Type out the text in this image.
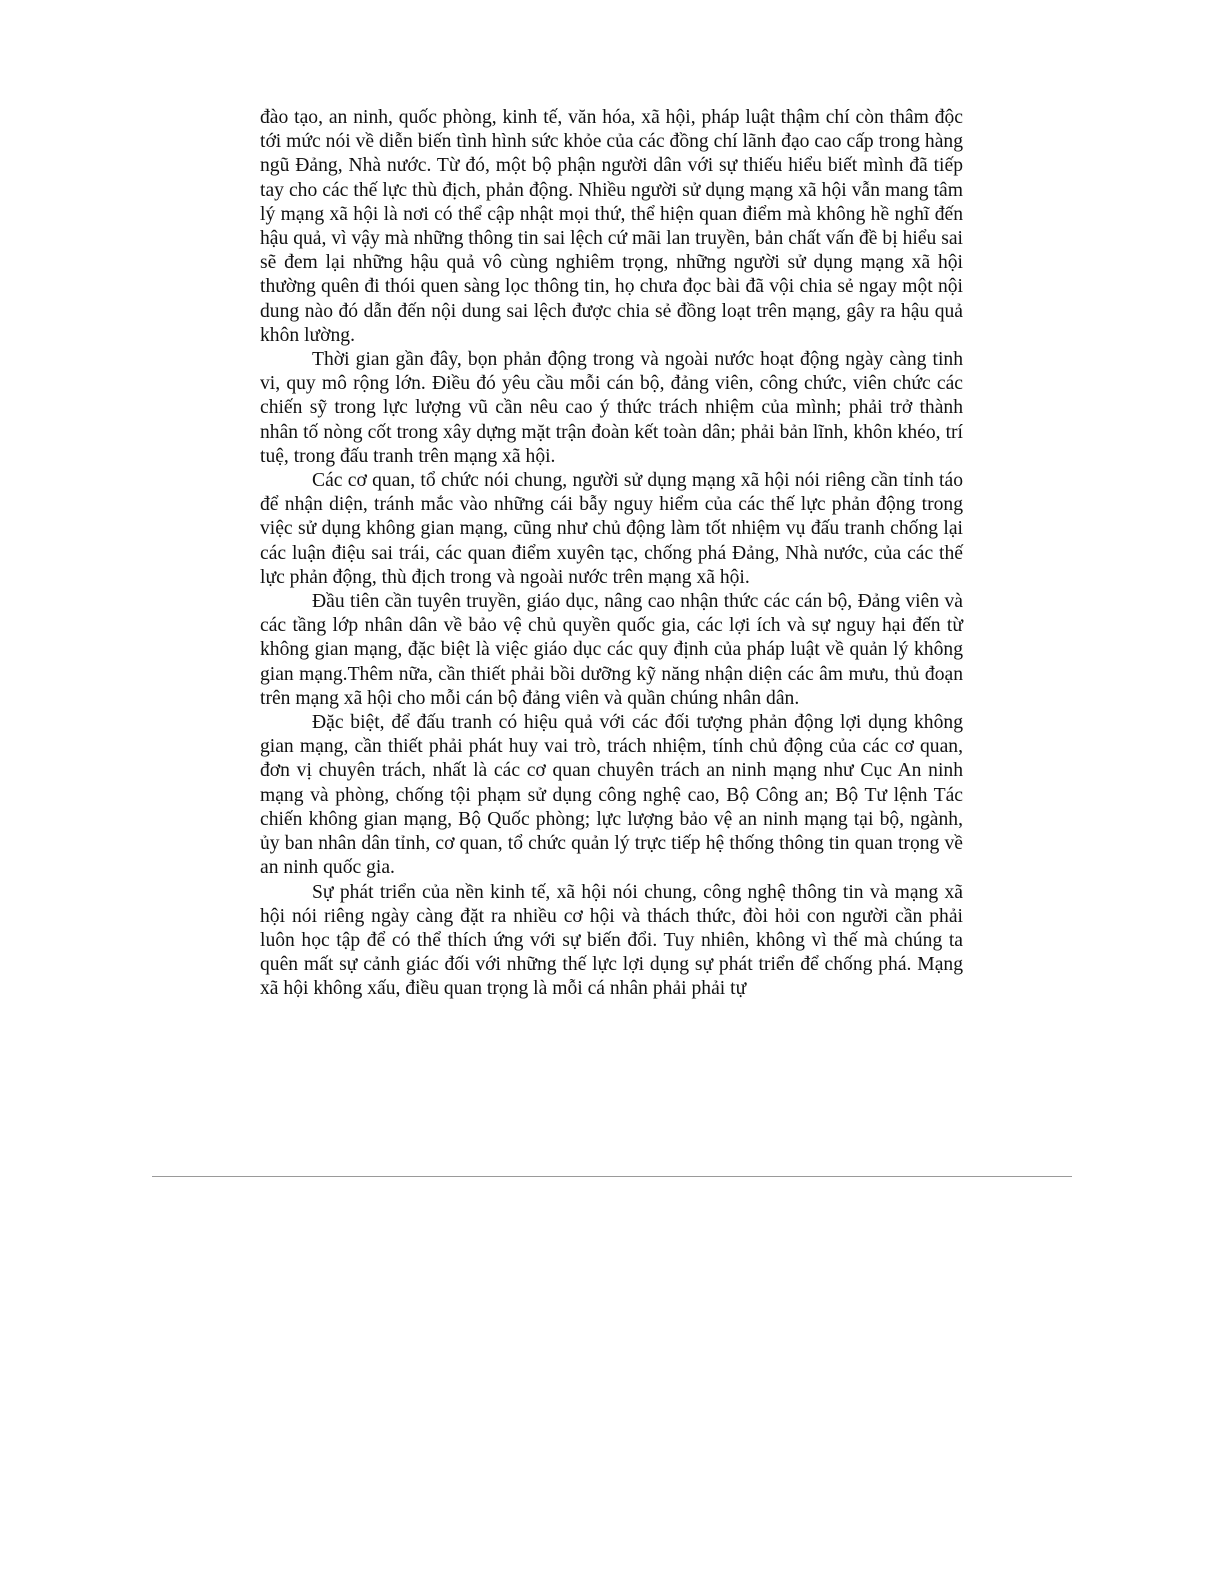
đào tạo, an ninh, quốc phòng, kinh tế, văn hóa, xã hội, pháp luật thậm chí còn thâm độc tới mức nói về diễn biến tình hình sức khỏe của các đồng chí lãnh đạo cao cấp trong hàng ngũ Đảng, Nhà nước. Từ đó, một bộ phận người dân với sự thiếu hiểu biết mình đã tiếp tay cho các thế lực thù địch, phản động. Nhiều người sử dụng mạng xã hội vẫn mang tâm lý mạng xã hội là nơi có thể cập nhật mọi thứ, thể hiện quan điểm mà không hề nghĩ đến hậu quả, vì vậy mà những thông tin sai lệch cứ mãi lan truyền, bản chất vấn đề bị hiểu sai sẽ đem lại những hậu quả vô cùng nghiêm trọng, những người sử dụng mạng xã hội thường quên đi thói quen sàng lọc thông tin, họ chưa đọc bài đã vội chia sẻ ngay một nội dung nào đó dẫn đến nội dung sai lệch được chia sẻ đồng loạt trên mạng, gây ra hậu quả khôn lường.

Thời gian gần đây, bọn phản động trong và ngoài nước hoạt động ngày càng tinh vi, quy mô rộng lớn. Điều đó yêu cầu mỗi cán bộ, đảng viên, công chức, viên chức các chiến sỹ trong lực lượng vũ cần nêu cao ý thức trách nhiệm của mình; phải trở thành nhân tố nòng cốt trong xây dựng mặt trận đoàn kết toàn dân; phải bản lĩnh, khôn khéo, trí tuệ, trong đấu tranh trên mạng xã hội.

Các cơ quan, tổ chức nói chung, người sử dụng mạng xã hội nói riêng cần tỉnh táo để nhận diện, tránh mắc vào những cái bẫy nguy hiểm của các thế lực phản động trong việc sử dụng không gian mạng, cũng như chủ động làm tốt nhiệm vụ đấu tranh chống lại các luận điệu sai trái, các quan điểm xuyên tạc, chống phá Đảng, Nhà nước, của các thế lực phản động, thù địch trong và ngoài nước trên mạng xã hội.

Đầu tiên cần tuyên truyền, giáo dục, nâng cao nhận thức các cán bộ, Đảng viên và các tầng lớp nhân dân về bảo vệ chủ quyền quốc gia, các lợi ích và sự nguy hại đến từ không gian mạng, đặc biệt là việc giáo dục các quy định của pháp luật về quản lý không gian mạng.Thêm nữa, cần thiết phải bồi dưỡng kỹ năng nhận diện các âm mưu, thủ đoạn trên mạng xã hội cho mỗi cán bộ đảng viên và quần chúng nhân dân.

Đặc biệt, để đấu tranh có hiệu quả với các đối tượng phản động lợi dụng không gian mạng, cần thiết phải phát huy vai trò, trách nhiệm, tính chủ động của các cơ quan, đơn vị chuyên trách, nhất là các cơ quan chuyên trách an ninh mạng như Cục An ninh mạng và phòng, chống tội phạm sử dụng công nghệ cao, Bộ Công an; Bộ Tư lệnh Tác chiến không gian mạng, Bộ Quốc phòng; lực lượng bảo vệ an ninh mạng tại bộ, ngành, ủy ban nhân dân tỉnh, cơ quan, tổ chức quản lý trực tiếp hệ thống thông tin quan trọng về an ninh quốc gia.

Sự phát triển của nền kinh tế, xã hội nói chung, công nghệ thông tin và mạng xã hội nói riêng ngày càng đặt ra nhiều cơ hội và thách thức, đòi hỏi con người cần phải luôn học tập để có thể thích ứng với sự biến đổi. Tuy nhiên, không vì thế mà chúng ta quên mất sự cảnh giác đối với những thế lực lợi dụng sự phát triển để chống phá. Mạng xã hội không xấu, điều quan trọng là mỗi cá nhân phải phải tự
